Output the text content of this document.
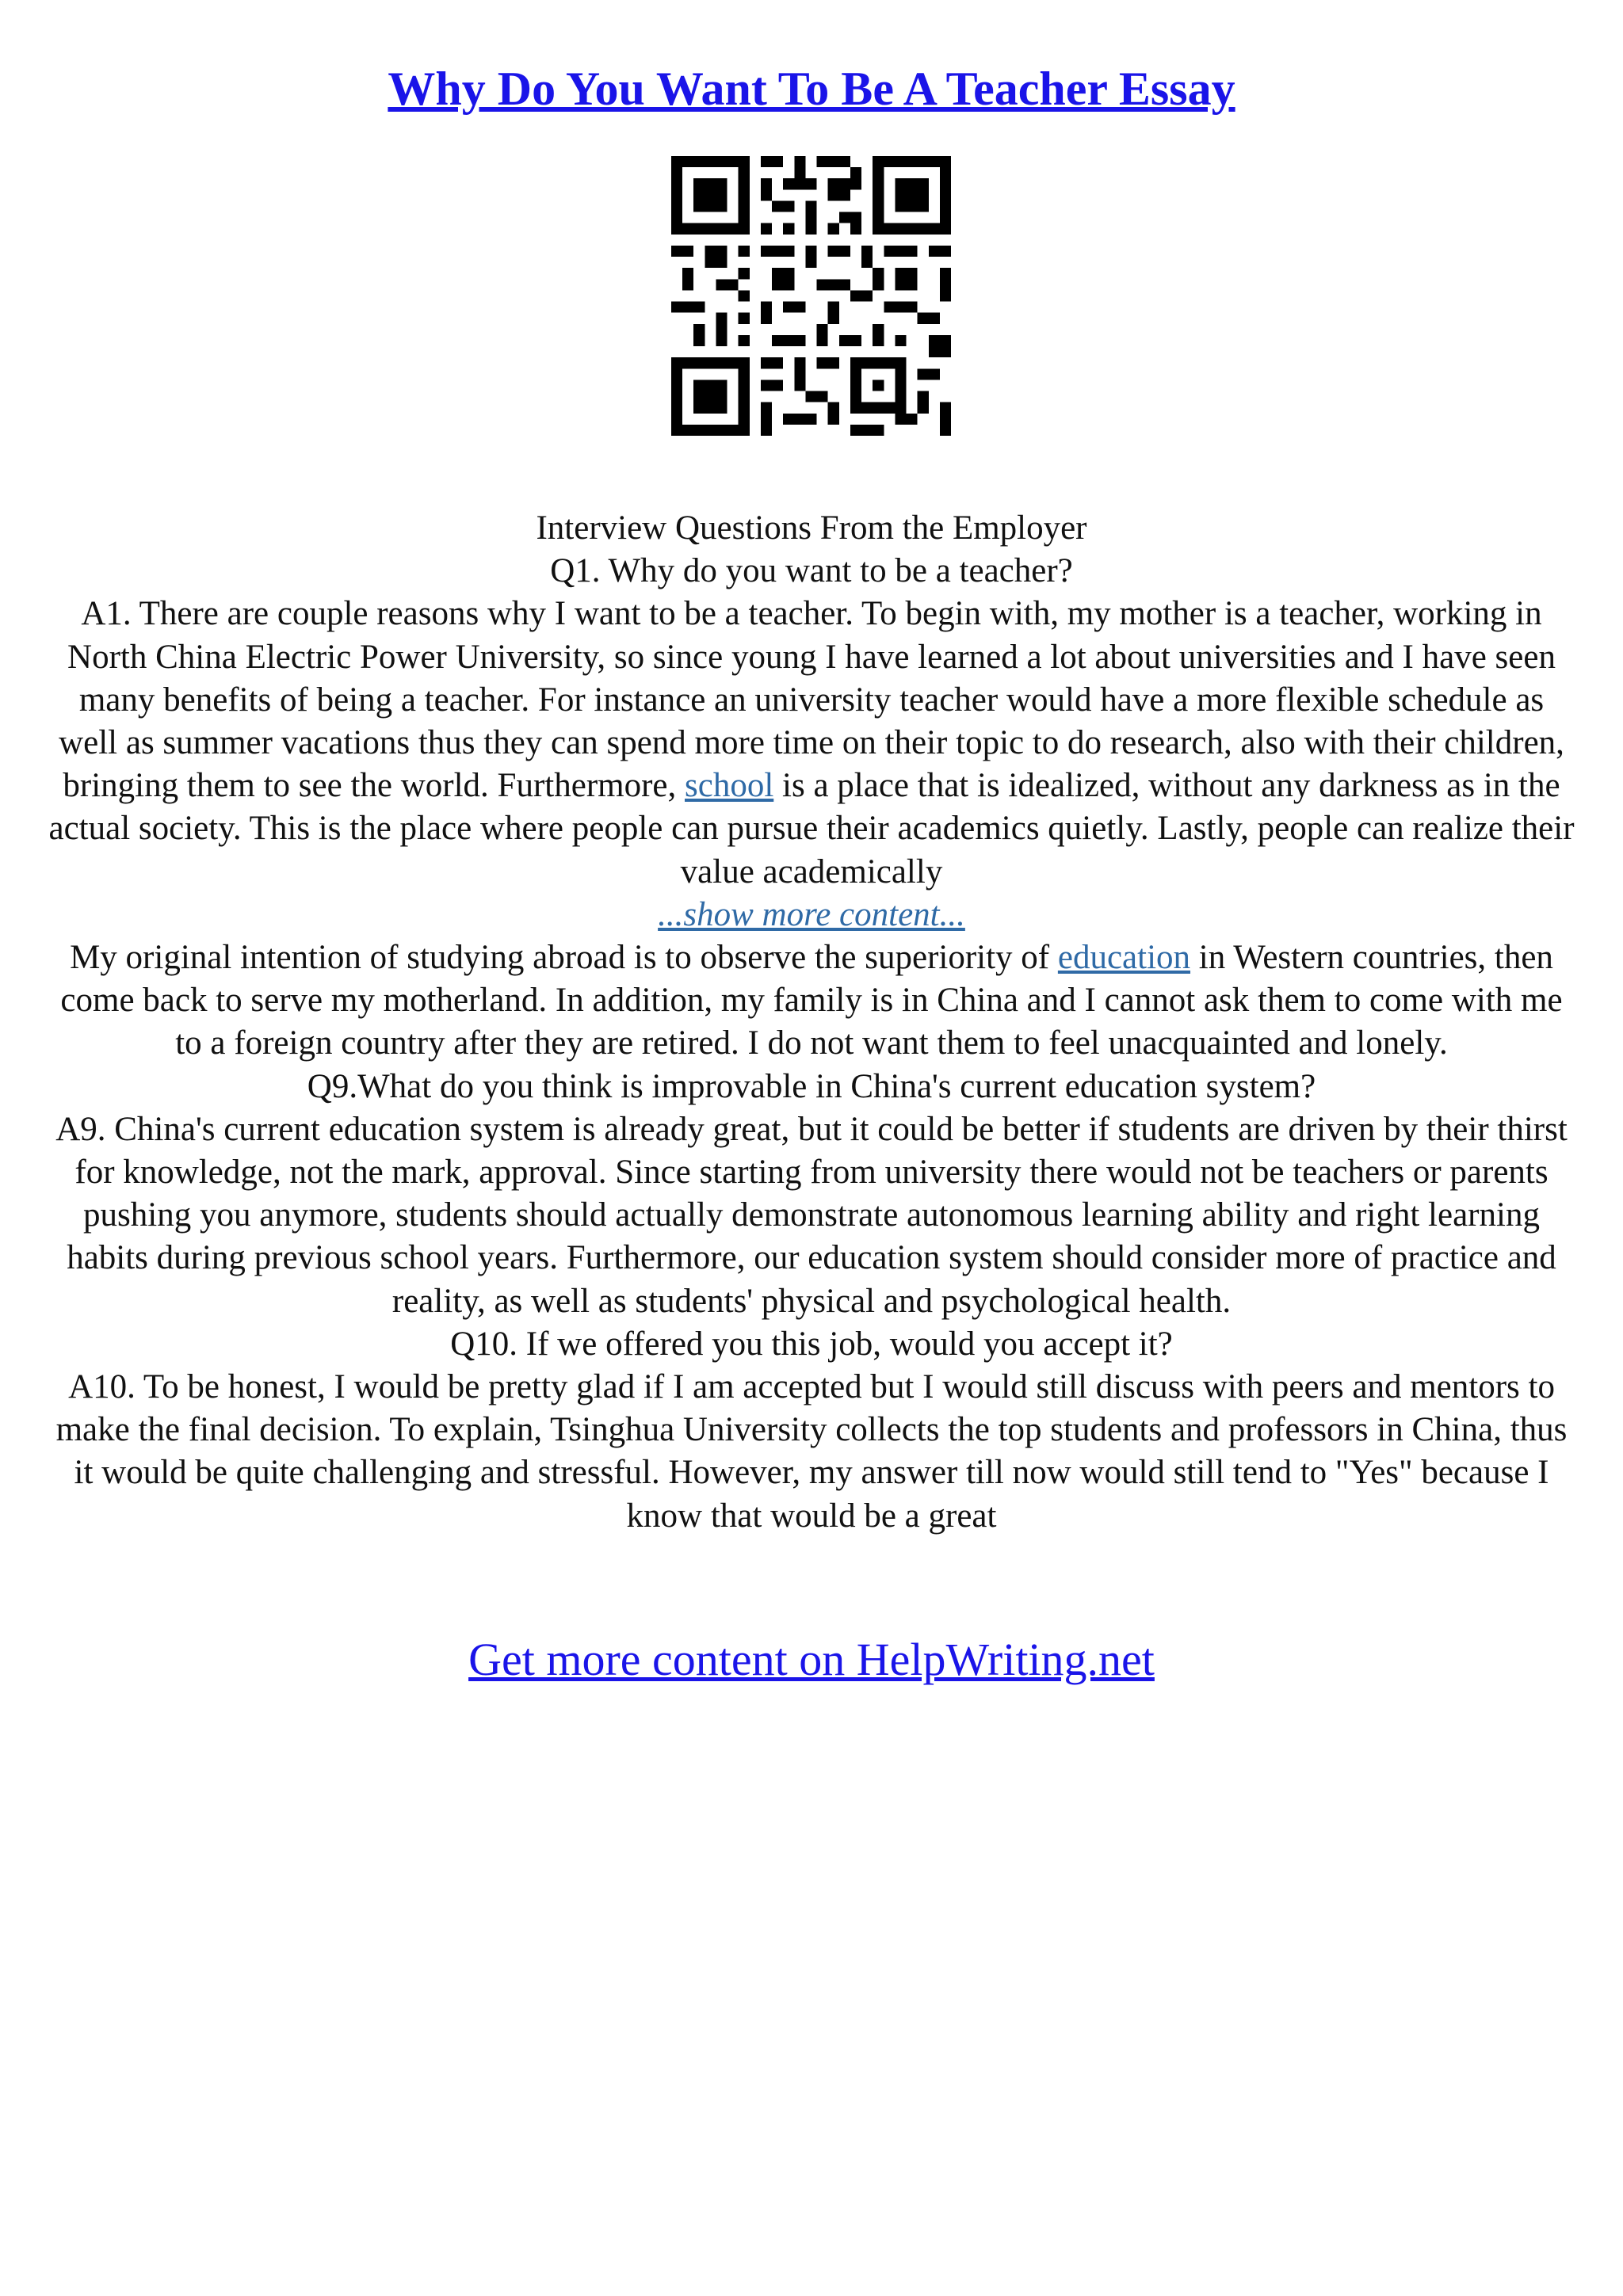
Why Do You Want To Be A Teacher Essay

Interview Questions From the Employer

Q1. Why do you want to be a teacher?

A1. There are couple reasons why I want to be a teacher. To begin with, my mother is a teacher, working in North China Electric Power University, so since young I have learned a lot about universities and I have seen many benefits of being a teacher. For instance an university teacher would have a more flexible schedule as well as summer vacations thus they can spend more time on their topic to do research, also with their children, bringing them to see the world. Furthermore, school is a place that is idealized, without any darkness as in the actual society. This is the place where people can pursue their academics quietly. Lastly, people can realize their value academically

...show more content...

My original intention of studying abroad is to observe the superiority of education in Western countries, then come back to serve my motherland. In addition, my family is in China and I cannot ask them to come with me to a foreign country after they are retired. I do not want them to feel unacquainted and lonely.

Q9.What do you think is improvable in China's current education system?

A9. China's current education system is already great, but it could be better if students are driven by their thirst for knowledge, not the mark, approval. Since starting from university there would not be teachers or parents pushing you anymore, students should actually demonstrate autonomous learning ability and right learning habits during previous school years. Furthermore, our education system should consider more of practice and reality, as well as students' physical and psychological health.

Q10. If we offered you this job, would you accept it?

A10. To be honest, I would be pretty glad if I am accepted but I would still discuss with peers and mentors to make the final decision. To explain, Tsinghua University collects the top students and professors in China, thus it would be quite challenging and stressful. However, my answer till now would still tend to "Yes" because I know that would be a great

Get more content on HelpWriting.net
